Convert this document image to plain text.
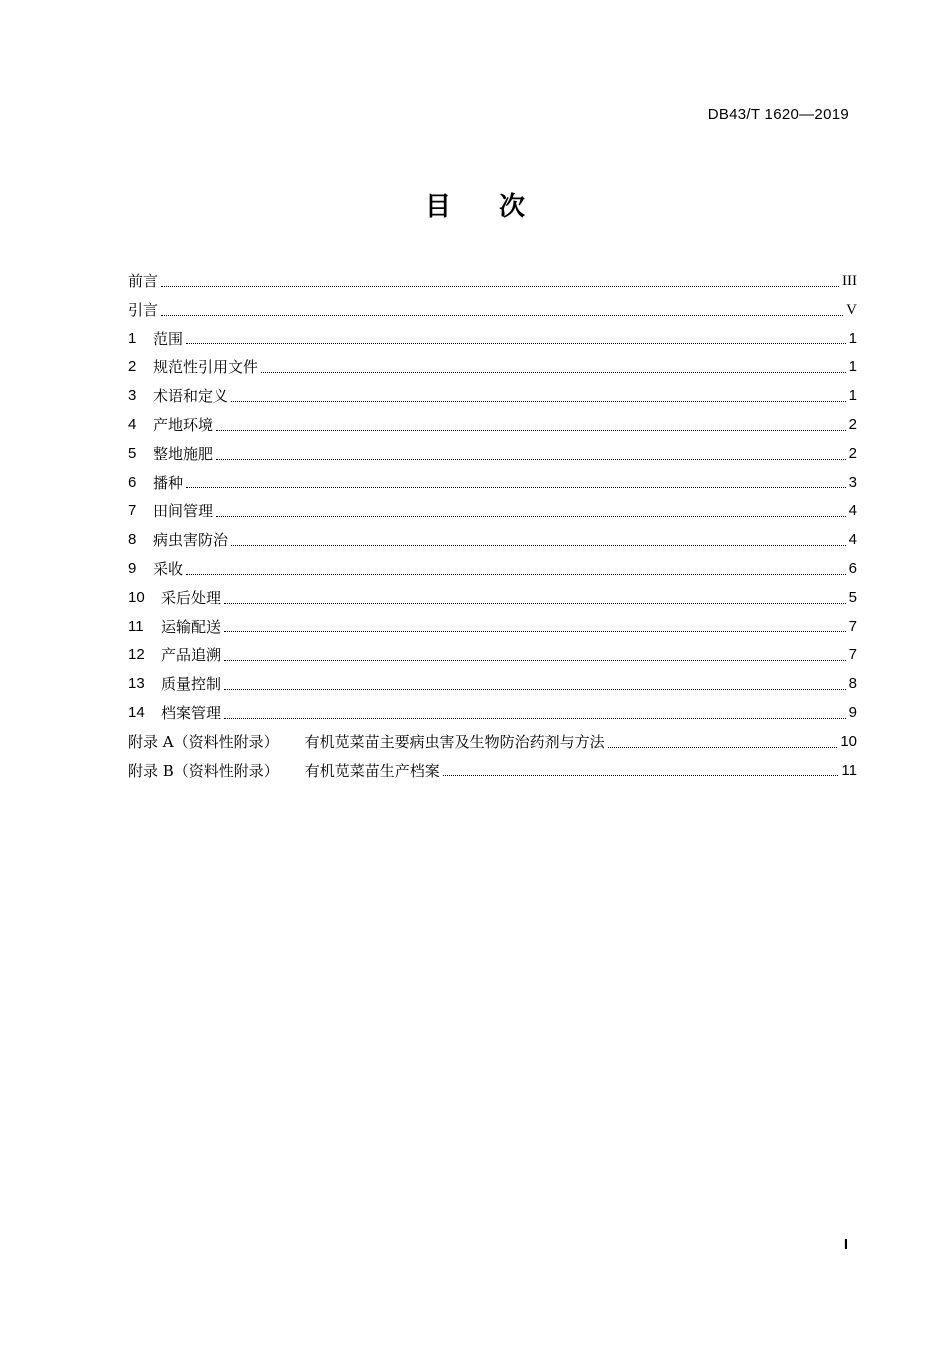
DB43/T 1620—2019
目次
前言	III
引言	V
1	范围	1
2	规范性引用文件	1
3	术语和定义	1
4	产地环境	2
5	整地施肥	2
6	播种	3
7	田间管理	4
8	病虫害防治	4
9	采收	6
10	采后处理	5
11	运输配送	7
12	产品追溯	7
13	质量控制	8
14	档案管理	9
附录 A（资料性附录） 有机苋菜苗主要病虫害及生物防治药剂与方法	10
附录 B（资料性附录） 有机苋菜苗生产档案	11
I
